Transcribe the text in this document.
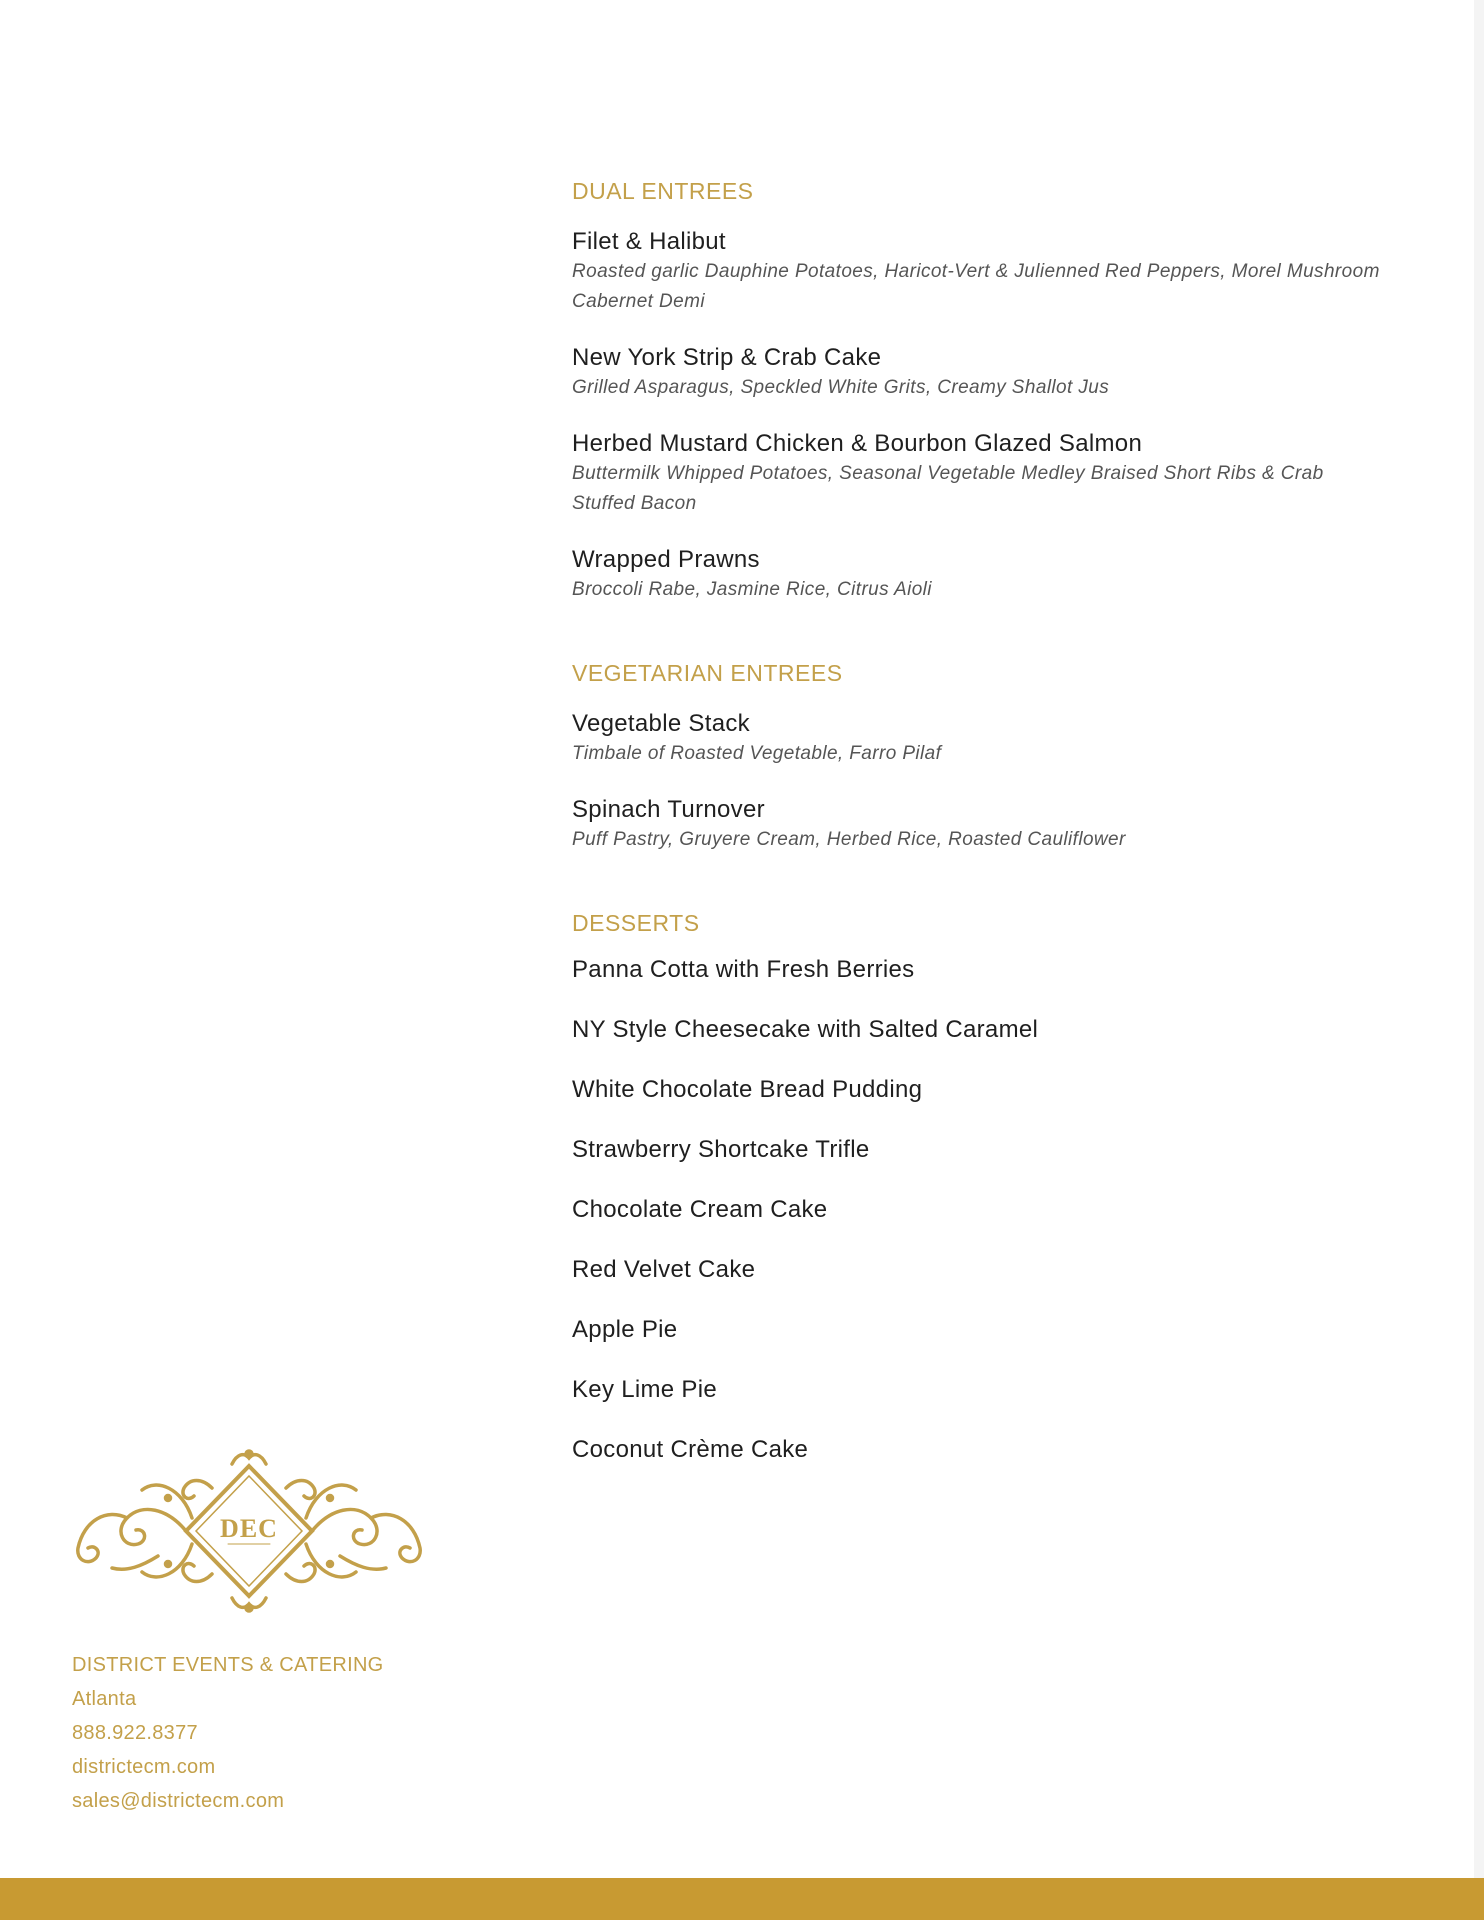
DUAL ENTREES

Filet & Halibut

Roasted garlic Dauphine Potatoes, Haricot-Vert & Julienned Red Peppers, Morel Mushroom Cabernet Demi

New York Strip & Crab Cake

Grilled Asparagus, Speckled White Grits, Creamy Shallot Jus

Herbed Mustard Chicken & Bourbon Glazed Salmon

Buttermilk Whipped Potatoes, Seasonal Vegetable Medley Braised Short Ribs & Crab Stuffed Bacon

Wrapped Prawns

Broccoli Rabe, Jasmine Rice, Citrus Aioli

VEGETARIAN ENTREES

Vegetable Stack

Timbale of Roasted Vegetable, Farro Pilaf

Spinach Turnover

Puff Pastry, Gruyere Cream, Herbed Rice, Roasted Cauliflower

DESSERTS

Panna Cotta with Fresh Berries

NY Style Cheesecake with Salted Caramel

White Chocolate Bread Pudding

Strawberry Shortcake Trifle

Chocolate Cream Cake

Red Velvet Cake

Apple Pie

Key Lime Pie

Coconut Crème Cake

DEC
DISTRICT EVENTS & CATERING
Atlanta
888.922.8377
districtecm.com
sales@districtecm.com
